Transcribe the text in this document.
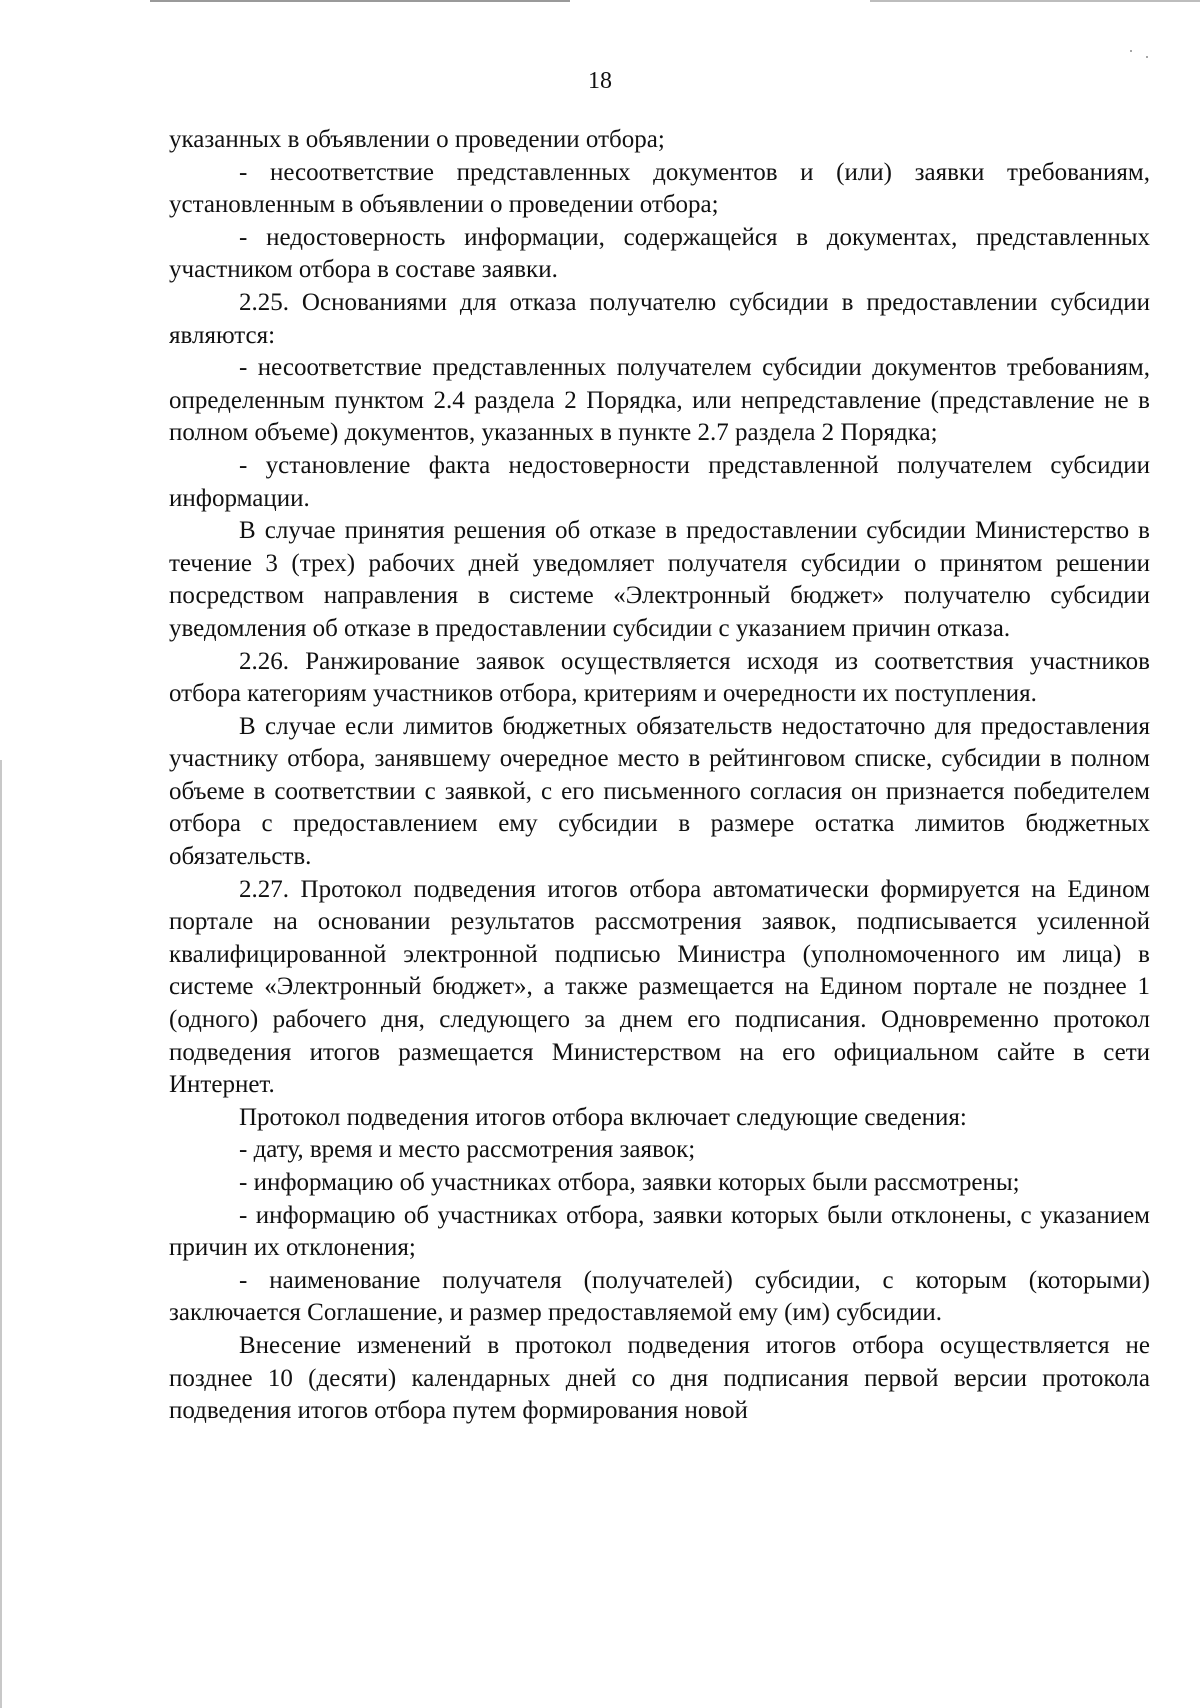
18

указанных в объявлении о проведении отбора;

- несоответствие представленных документов и (или) заявки требованиям, установленным в объявлении о проведении отбора;

- недостоверность информации, содержащейся в документах, представленных участником отбора в составе заявки.

2.25. Основаниями для отказа получателю субсидии в предоставлении субсидии являются:

- несоответствие представленных получателем субсидии документов требованиям, определенным пунктом 2.4 раздела 2 Порядка, или непредставление (представление не в полном объеме) документов, указанных в пункте 2.7 раздела 2 Порядка;

- установление факта недостоверности представленной получателем субсидии информации.

В случае принятия решения об отказе в предоставлении субсидии Министерство в течение 3 (трех) рабочих дней уведомляет получателя субсидии о принятом решении посредством направления в системе «Электронный бюджет» получателю субсидии уведомления об отказе в предоставлении субсидии с указанием причин отказа.

2.26. Ранжирование заявок осуществляется исходя из соответствия участников отбора категориям участников отбора, критериям и очередности их поступления.

В случае если лимитов бюджетных обязательств недостаточно для предоставления участнику отбора, занявшему очередное место в рейтинговом списке, субсидии в полном объеме в соответствии с заявкой, с его письменного согласия он признается победителем отбора с предоставлением ему субсидии в размере остатка лимитов бюджетных обязательств.

2.27. Протокол подведения итогов отбора автоматически формируется на Едином портале на основании результатов рассмотрения заявок, подписывается усиленной квалифицированной электронной подписью Министра (уполномоченного им лица) в системе «Электронный бюджет», а также размещается на Едином портале не позднее 1 (одного) рабочего дня, следующего за днем его подписания. Одновременно протокол подведения итогов размещается Министерством на его официальном сайте в сети Интернет.

Протокол подведения итогов отбора включает следующие сведения:

- дату, время и место рассмотрения заявок;

- информацию об участниках отбора, заявки которых были рассмотрены;

- информацию об участниках отбора, заявки которых были отклонены, с указанием причин их отклонения;

- наименование получателя (получателей) субсидии, с которым (которыми) заключается Соглашение, и размер предоставляемой ему (им) субсидии.

Внесение изменений в протокол подведения итогов отбора осуществляется не позднее 10 (десяти) календарных дней со дня подписания первой версии протокола подведения итогов отбора путем формирования новой
